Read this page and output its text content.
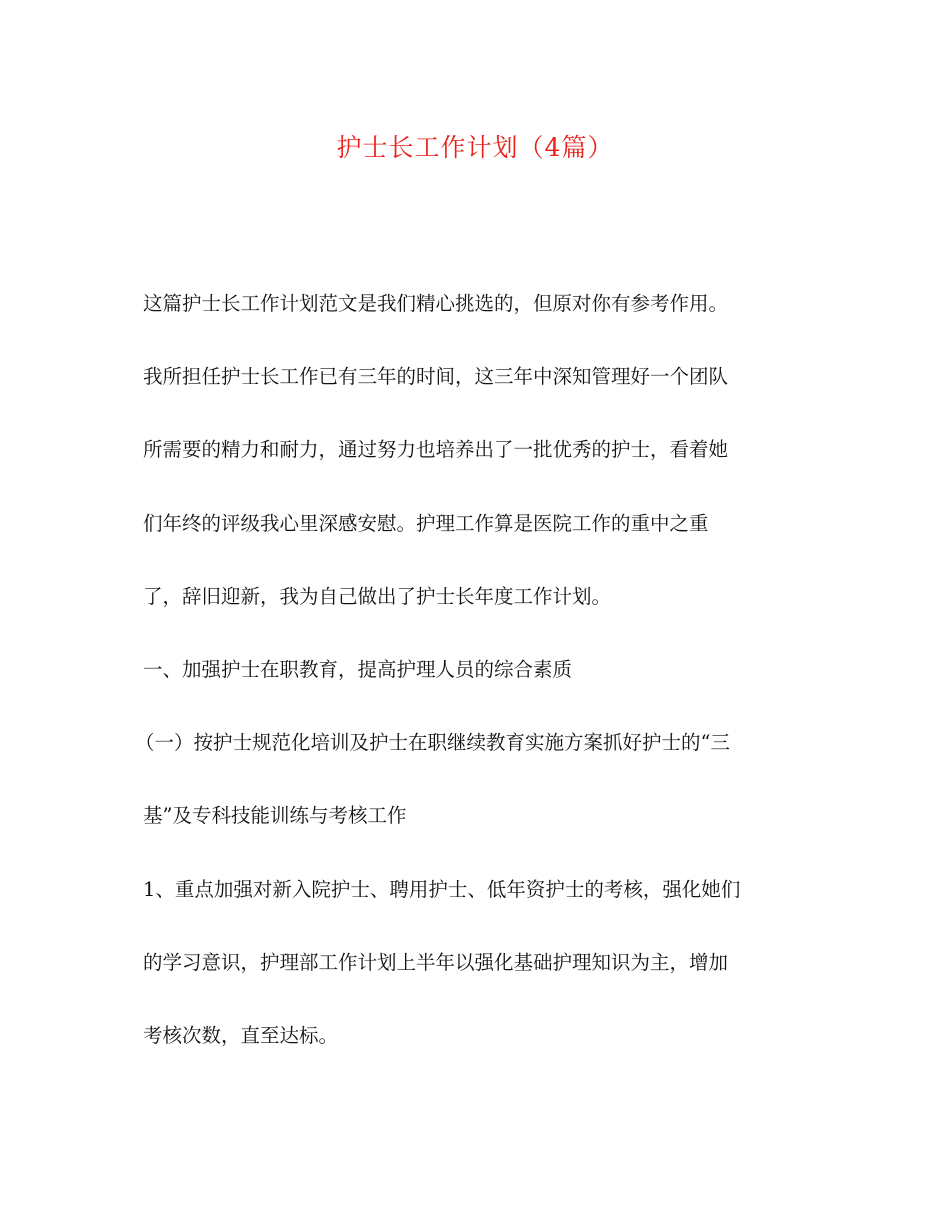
护士长工作计划（4篇）
这篇护士长工作计划范文是我们精心挑选的，但原对你有参考作用。
我所担任护士长工作已有三年的时间，这三年中深知管理好一个团队
所需要的精力和耐力，通过努力也培养出了一批优秀的护士，看着她
们年终的评级我心里深感安慰。护理工作算是医院工作的重中之重
了，辞旧迎新，我为自己做出了护士长年度工作计划。
一、加强护士在职教育，提高护理人员的综合素质
（一）按护士规范化培训及护士在职继续教育实施方案抓好护士的“三
基”及专科技能训练与考核工作
1、重点加强对新入院护士、聘用护士、低年资护士的考核，强化她们
的学习意识，护理部工作计划上半年以强化基础护理知识为主，增加
考核次数，直至达标。
